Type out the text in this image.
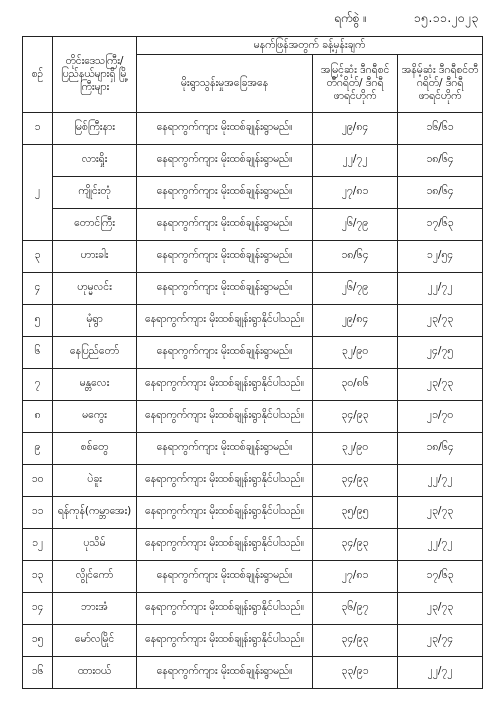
ရက်စွဲ ။	၁၅.၁၁.၂၀၂၃
စဉ်	တိုင်းဒေသကြီး/ ပြည်နယ်များရှိ မြို့ကြီးများ	မနက်ဖြန်အတွက် ခန့်မှန်းချက်		
		မိုးရွာသွန်းမှုအခြေအနေ	အမြင့်ဆုံး ဒီဂရီစင်တီဂရိတ်/ ဒီဂရီဖာရင်ဟိုက်	အနိမ့်ဆုံး ဒီဂရီစင်တီဂရိတ်/ ဒီဂရီဖာရင်ဟိုက်
၁	မြစ်ကြီးနား	နေရာကွက်ကျား မိုးထစ်ချုန်းရွာမည်။	၂၉/၈၄	၁၆/၆၁
၂	လားရှိုး	နေရာကွက်ကျား မိုးထစ်ချုန်းရွာမည်။	၂၂/၇၂	၁၈/၆၄
	ကျိုင်းတုံ	နေရာကွက်ကျား မိုးထစ်ချုန်းရွာမည်။	၂၇/၈၁	၁၈/၆၄
	တောင်ကြီး	နေရာကွက်ကျား မိုးထစ်ချုန်းရွာမည်။	၂၆/၇၉	၁၇/၆၃
၃	ဟားခါး	နေရာကွက်ကျား မိုးထစ်ချုန်းရွာမည်။	၁၈/၆၄	၁၂/၅၄
၄	ဟုမ္မလင်း	နေရာကွက်ကျား မိုးထစ်ချုန်းရွာမည်။	၂၆/၇၉	၂၂/၇၂
၅	မုံရွာ	နေရာကွက်ကျား မိုးထစ်ချုန်းရွာနိုင်ပါသည်။	၂၉/၈၄	၂၃/၇၃
၆	နေပြည်တော်	နေရာကွက်ကျား မိုးထစ်ချုန်းရွာမည်။	၃၂/၉၀	၂၄/၇၅
၇	မန္တလေး	နေရာကွက်ကျား မိုးထစ်ချုန်းရွာနိုင်ပါသည်။	၃၀/၈၆	၂၃/၇၃
၈	မကွေး	နေရာကွက်ကျား မိုးထစ်ချုန်းရွာနိုင်ပါသည်။	၃၄/၉၃	၂၁/၇၀
၉	စစ်တွေ	နေရာကွက်ကျား မိုးထစ်ချုန်းရွာမည်။	၃၂/၉၀	၁၈/၆၄
၁၀	ပဲခူး	နေရာကွက်ကျား မိုးထစ်ချုန်းရွာနိုင်ပါသည်။	၃၄/၉၃	၂၂/၇၂
၁၁	ရန်ကုန်(ကမ္ဘာအေး)	နေရာကွက်ကျား မိုးထစ်ချုန်းရွာနိုင်ပါသည်။	၃၅/၉၅	၂၃/၇၃
၁၂	ပုသိမ်	နေရာကွက်ကျား မိုးထစ်ချုန်းရွာနိုင်ပါသည်။	၃၄/၉၃	၂၂/၇၂
၁၃	လွိုင်ကော်	နေရာကွက်ကျား မိုးထစ်ချုန်းရွာမည်။	၂၇/၈၁	၁၇/၆၃
၁၄	ဘားအံ	နေရာကွက်ကျား မိုးထစ်ချုန်းရွာနိုင်ပါသည်။	၃၆/၉၇	၂၃/၇၃
၁၅	မော်လမြိုင်	နေရာကွက်ကျား မိုးထစ်ချုန်းရွာနိုင်ပါသည်။	၃၄/၉၃	၂၃/၇၄
၁၆	ထားဝယ်	နေရာကွက်ကျား မိုးထစ်ချုန်းရွာမည်။	၃၃/၉၁	၂၂/၇၂
